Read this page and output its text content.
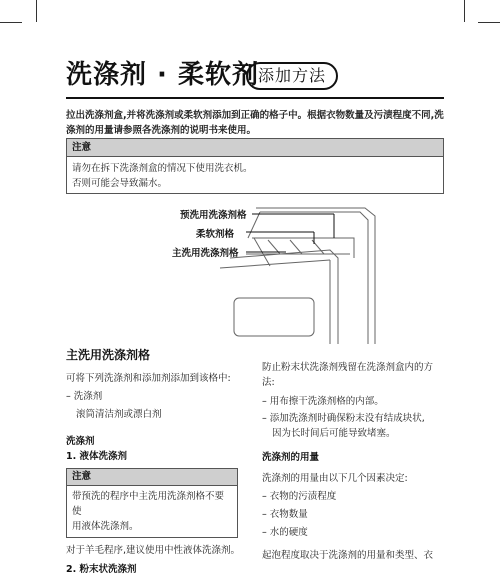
洗涤剂 · 柔软剂 添加方法
拉出洗涤剂盒,并将洗涤剂或柔软剂添加到正确的格子中。根据衣物数量及污渍程度不同,洗涤剂的用量请参照各洗涤剂的说明书来使用。
注意
请勿在拆下洗涤剂盒的情况下使用洗衣机。
否则可能会导致漏水。
预洗用洗涤剂格
柔软剂格
主洗用洗涤剂格

主洗用洗涤剂格

可将下列洗涤剂和添加剂添加到该格中:

– 洗涤剂

滚筒清洁剂或漂白剂

洗涤剂

1. 液体洗涤剂

注意
带预洗的程序中主洗用洗涤剂格不要使
用液体洗涤剂。

对于羊毛程序,建议使用中性液体洗涤剂。

2. 粉末状洗涤剂

防止粉末状洗涤剂残留在洗涤剂盒内的方

法:

– 用布擦干洗涤剂格的内部。

– 添加洗涤剂时确保粉末没有结成块状,

因为长时间后可能导致堵塞。

洗涤剂的用量

洗涤剂的用量由以下几个因素决定:

– 衣物的污渍程度

– 衣物数量

– 水的硬度

起泡程度取决于洗涤剂的用量和类型、衣
